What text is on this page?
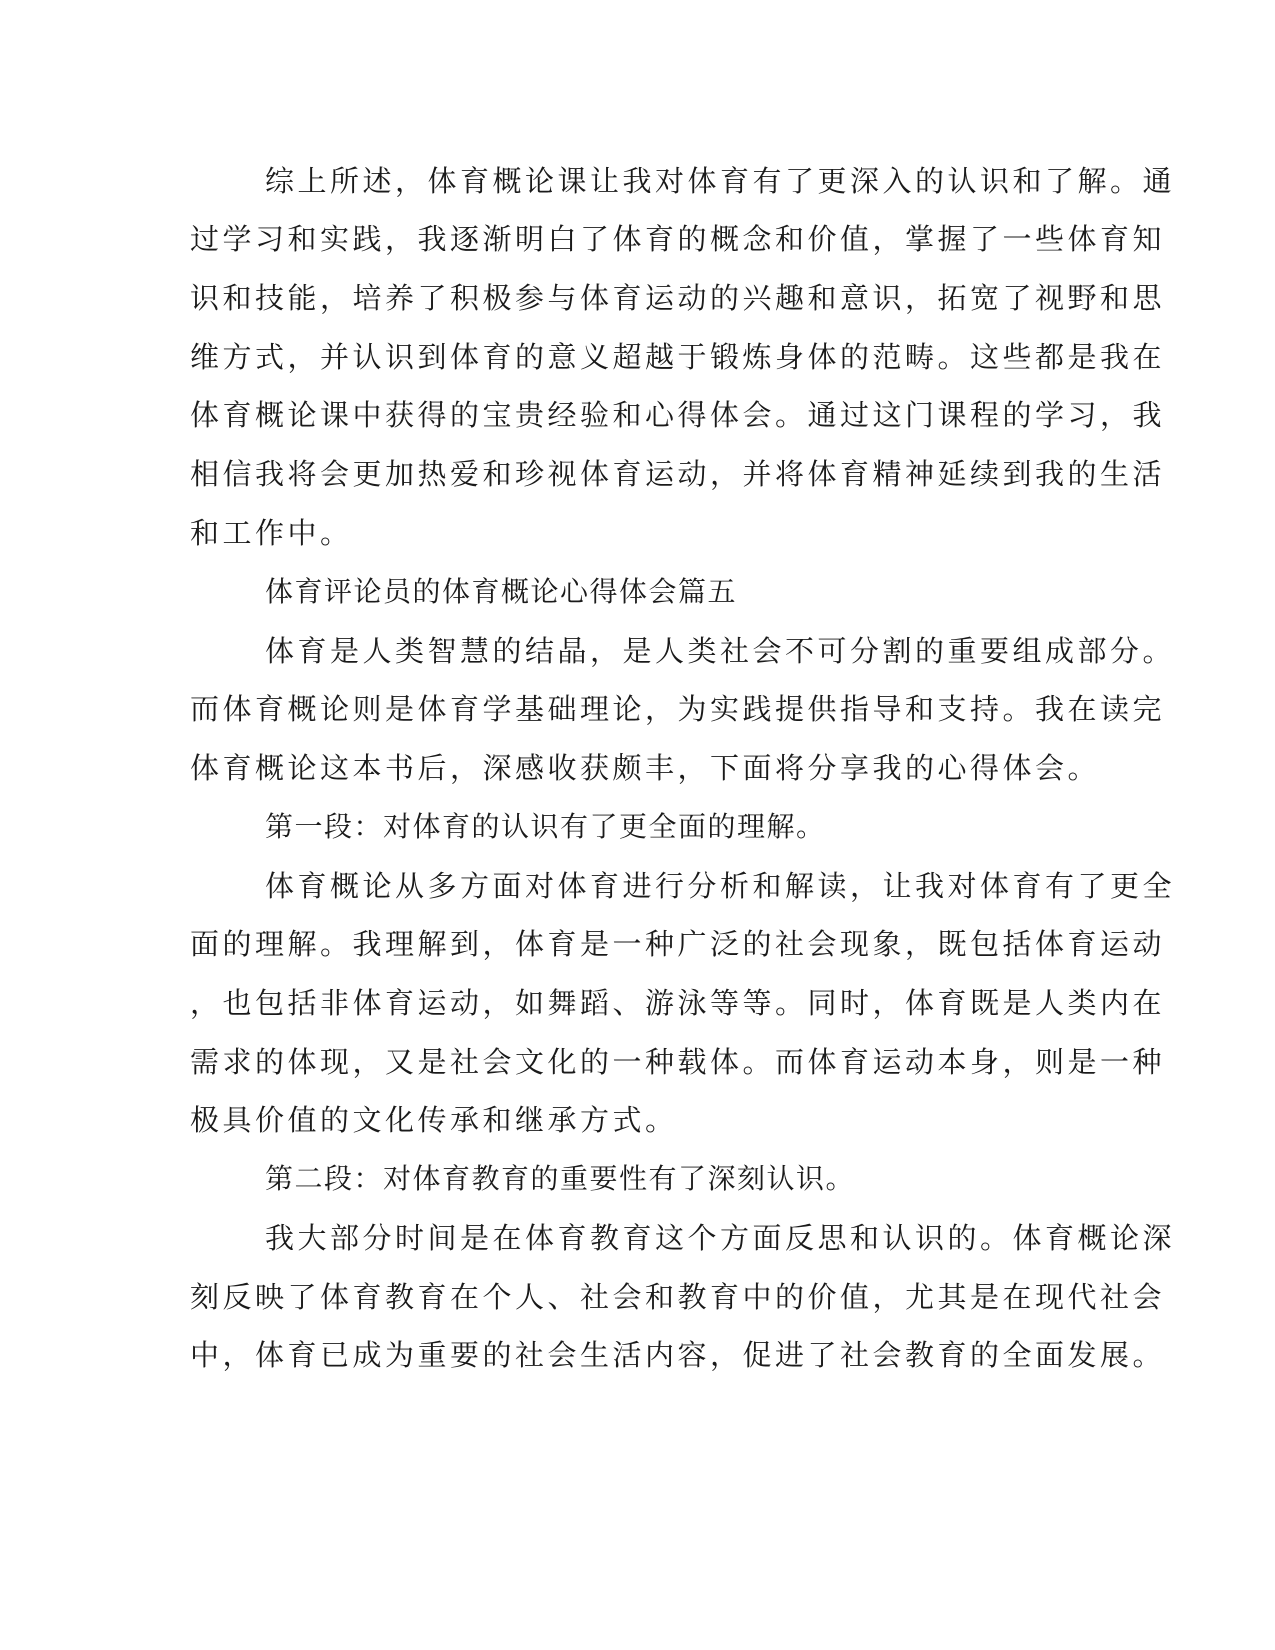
综上所述，体育概论课让我对体育有了更深入的认识和了解。通

过学习和实践，我逐渐明白了体育的概念和价值，掌握了一些体育知

识和技能，培养了积极参与体育运动的兴趣和意识，拓宽了视野和思

维方式，并认识到体育的意义超越于锻炼身体的范畴。这些都是我在

体育概论课中获得的宝贵经验和心得体会。通过这门课程的学习，我

相信我将会更加热爱和珍视体育运动，并将体育精神延续到我的生活

和工作中。

体育评论员的体育概论心得体会篇五

体育是人类智慧的结晶，是人类社会不可分割的重要组成部分。

而体育概论则是体育学基础理论，为实践提供指导和支持。我在读完

体育概论这本书后，深感收获颇丰，下面将分享我的心得体会。

第一段：对体育的认识有了更全面的理解。

体育概论从多方面对体育进行分析和解读，让我对体育有了更全

面的理解。我理解到，体育是一种广泛的社会现象，既包括体育运动

，也包括非体育运动，如舞蹈、游泳等等。同时，体育既是人类内在

需求的体现，又是社会文化的一种载体。而体育运动本身，则是一种

极具价值的文化传承和继承方式。

第二段：对体育教育的重要性有了深刻认识。

我大部分时间是在体育教育这个方面反思和认识的。体育概论深

刻反映了体育教育在个人、社会和教育中的价值，尤其是在现代社会

中，体育已成为重要的社会生活内容，促进了社会教育的全面发展。
